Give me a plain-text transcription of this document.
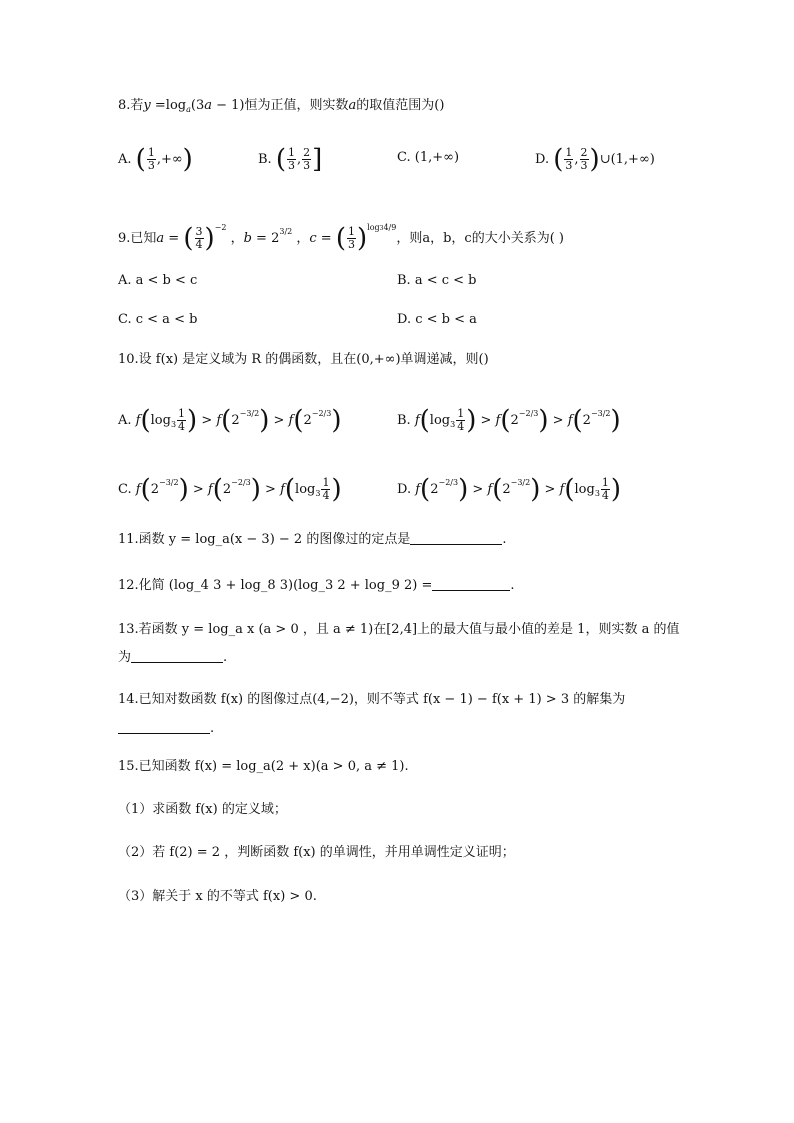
8.若$y =\log_a(3a - 1)$恒为正值，则实数a的取值范围为()
A. ( $\frac{1}{3}$ ,+∞)	B. ( $\frac{1}{3}$ , $\frac{2}{3}$ ]	C. (1,+∞)	D. ( $\frac{1}{3}$ , $\frac{2}{3}$ )∪(1,+∞)
9.已知a = ( $\frac{3}{4} )^{-2}$ ，$b = 2^{3/2}$ ，c = ( $\frac{1}{3} )^{log34/9}$，则a，b，c的大小关系为( )
A. a < b < c	B. a < c < b
C. c < a < b	D. c < b < a
10.设 f(x) 是定义域为 R 的偶函数，且在(0,+∞)单调递减，则()
A. $f(\log_3 \frac{1}{4}$ ) > $f(2^{-3/2}) > f(2^{-2/3})$	B. $f(\log_3 \frac{1}{4}$ ) > $f(2^{-2/3}) > f(2^{-3/2})$
C. $f(2^{-3/2}) > f(2^{-2/3}) > f(\log_3 \frac{1}{4}$ )	D. $f(2^{-2/3}) > f(2^{-3/2}) > f(\log_3 \frac{1}{4}$ )
11.函数 y = log_a(x − 3) − 2 的图像过的定点是	.
12.化简 (log_4 3 + log_8 3)(log_3 2 + log_9 2) =	.
13.若函数 y = log_a x (a > 0 ，且 a ≠ 1)在[2,4]上的最大值与最小值的差是 1，则实数 a 的值
为	.
14.已知对数函数 f(x) 的图像过点(4,−2)，则不等式 f(x − 1) − f(x + 1) > 3 的解集为
.
15.已知函数 f(x) = log_a(2 + x)(a > 0, a ≠ 1).
（1）求函数 f(x) 的定义域；
（2）若 f(2) = 2 ，判断函数 f(x) 的单调性，并用单调性定义证明；
（3）解关于 x 的不等式 f(x) > 0.
